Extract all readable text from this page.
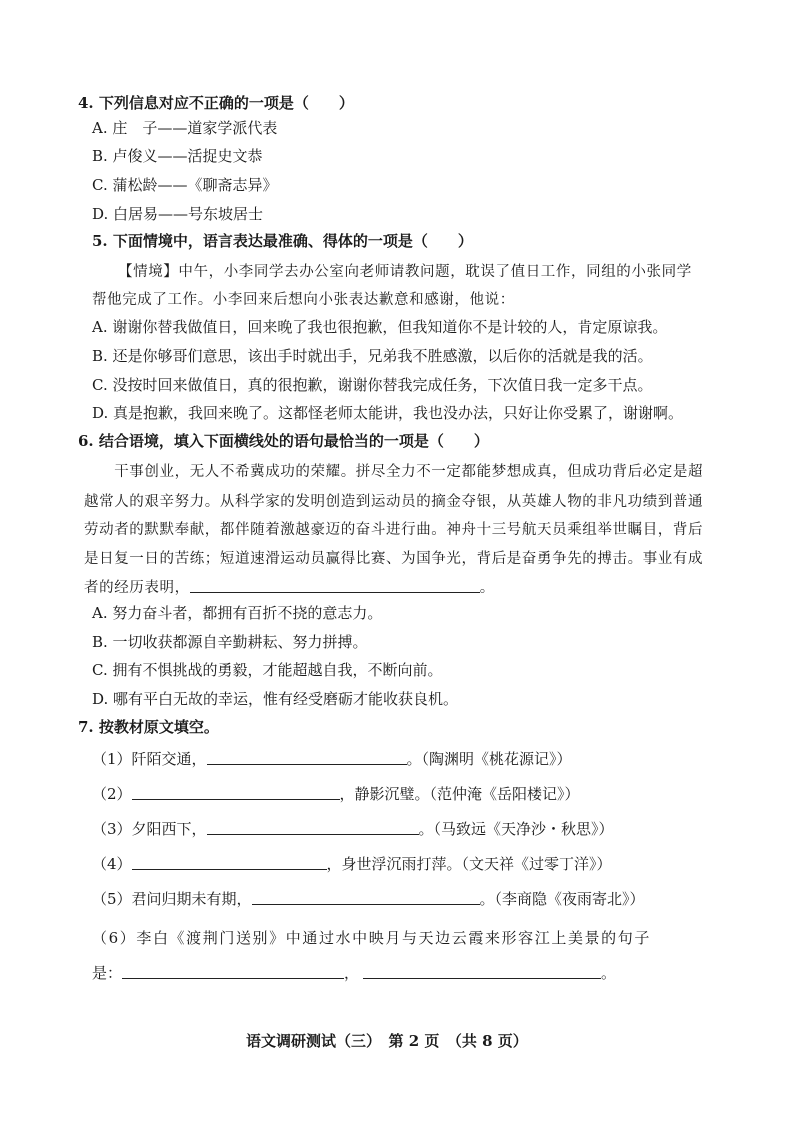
4. 下列信息对应不正确的一项是（　　）
A. 庄　子——道家学派代表
B. 卢俊义——活捉史文恭
C. 蒲松龄——《聊斋志异》
D. 白居易——号东坡居士
5. 下面情境中，语言表达最准确、得体的一项是（　　）
【情境】中午，小李同学去办公室向老师请教问题，耽误了值日工作，同组的小张同学
帮他完成了工作。小李回来后想向小张表达歉意和感谢，他说：
A. 谢谢你替我做值日，回来晚了我也很抱歉，但我知道你不是计较的人，肯定原谅我。
B. 还是你够哥们意思，该出手时就出手，兄弟我不胜感激，以后你的活就是我的活。
C. 没按时回来做值日，真的很抱歉，谢谢你替我完成任务，下次值日我一定多干点。
D. 真是抱歉，我回来晚了。这都怪老师太能讲，我也没办法，只好让你受累了，谢谢啊。
6. 结合语境，填入下面横线处的语句最恰当的一项是（　　）
　　干事创业，无人不希冀成功的荣耀。拼尽全力不一定都能梦想成真，但成功背后必定是超
越常人的艰辛努力。从科学家的发明创造到运动员的摘金夺银，从英雄人物的非凡功绩到普通
劳动者的默默奉献，都伴随着激越豪迈的奋斗进行曲。神舟十三号航天员乘组举世瞩目，背后
是日复一日的苦练；短道速滑运动员赢得比赛、为国争光，背后是奋勇争先的搏击。事业有成
者的经历表明，	。
A. 努力奋斗者，都拥有百折不挠的意志力。
B. 一切收获都源自辛勤耕耘、努力拼搏。
C. 拥有不惧挑战的勇毅，才能超越自我，不断向前。
D. 哪有平白无故的幸运，惟有经受磨砺才能收获良机。
7. 按教材原文填空。
（1）阡陌交通，	。（陶渊明《桃花源记》）
（2）	，静影沉璧。（范仲淹《岳阳楼记》）
（3）夕阳西下，	。（马致远《天净沙・秋思》）
（4）	，身世浮沉雨打萍。（文天祥《过零丁洋》）
（5）君问归期未有期，	。（李商隐《夜雨寄北》）
（6）李白《渡荆门送别》中通过水中映月与天边云霞来形容江上美景的句子
是：	，	。
语文调研测试（三）　第 2 页　（共 8 页）
